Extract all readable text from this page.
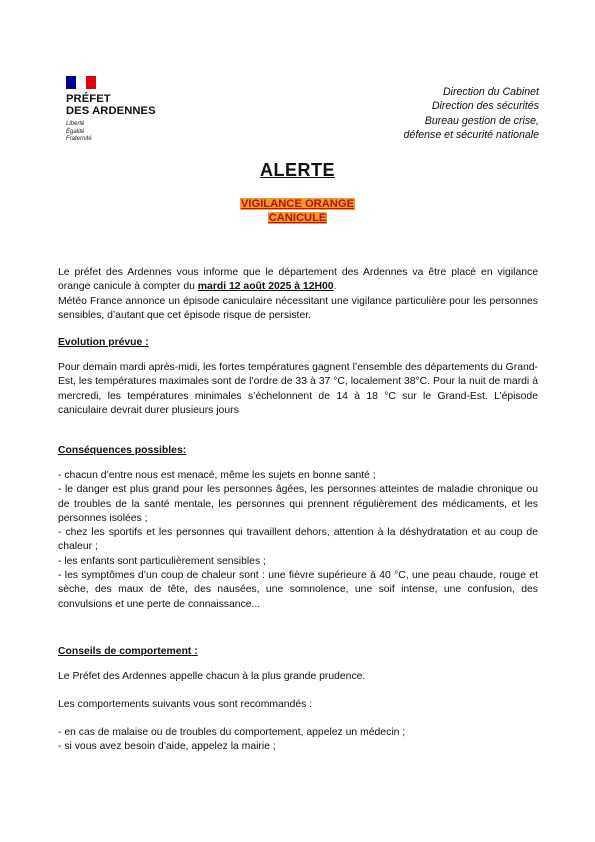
PRÉFET
DES ARDENNES
Liberté
Égalité
Fraternité
Direction du Cabinet
Direction des sécurités
Bureau gestion de crise,
défense et sécurité nationale
ALERTE
VIGILANCE ORANGE
CANICULE

Le préfet des Ardennes vous informe que le département des Ardennes va être placé en vigilance orange canicule à compter du mardi 12 août 2025 à 12H00.

Météo France annonce un épisode caniculaire nécessitant une vigilance particulière pour les personnes sensibles, d’autant que cet épisode risque de persister.

Evolution prévue :

Pour demain mardi après-midi, les fortes températures gagnent l’ensemble des départements du Grand-Est, les températures maximales sont de l’ordre de 33 à 37 °C, localement 38°C. Pour la nuit de mardi à mercredi, les températures minimales s’échelonnent de 14 à 18 °C sur le Grand-Est. L’épisode caniculaire devrait durer plusieurs jours

Conséquences possibles:
- chacun d’entre nous est menacé, même les sujets en bonne santé ;
- le danger est plus grand pour les personnes âgées, les personnes atteintes de maladie chronique ou de troubles de la santé mentale, les personnes qui prennent régulièrement des médicaments, et les personnes isolées ;
- chez les sportifs et les personnes qui travaillent dehors, attention à la déshydratation et au coup de chaleur ;
- les enfants sont particulièrement sensibles ;
- les symptômes d’un coup de chaleur sont : une fièvre supérieure à 40 °C, une peau chaude, rouge et sèche, des maux de tête, des nausées, une somnolence, une soif intense, une confusion, des convulsions et une perte de connaissance...
Conseils de comportement :
Le Préfet des Ardennes appelle chacun à la plus grande prudence.
Les comportements suivants vous sont recommandés :
- en cas de malaise ou de troubles du comportement, appelez un médecin ;
- si vous avez besoin d’aide, appelez la mairie ;
